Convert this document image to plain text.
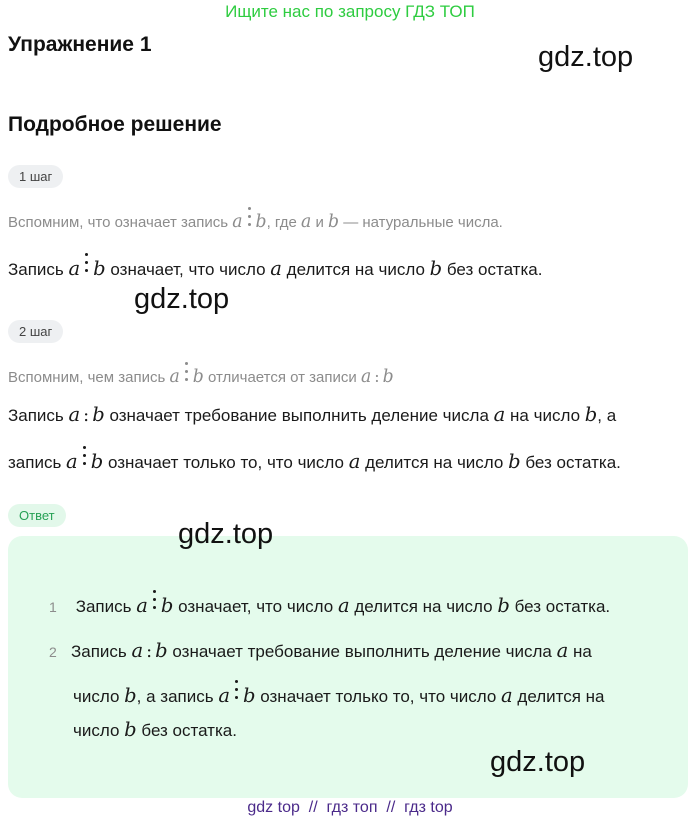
Ищите нас по запросу ГДЗ ТОП
Упражнение 1	gdz.top
Подробное решение
1 шаг
Вспомним, что означает запись a b, где a и b — натуральные числа.
Запись a b означает, что число a делится на число b без остатка.
gdz.top
2 шаг
Вспомним, чем запись a b отличается от записи a : b
Запись a : b означает требование выполнить деление числа a на число b, а
запись a b означает только то, что число a делится на число b без остатка.
Ответ
gdz.top
1 Запись a b означает, что число a делится на число b без остатка.
2 Запись a : b означает требование выполнить деление числа a на
число b, а запись a b означает только то, что число a делится на
число b без остатка.
gdz.top
gdz top  //  гдз топ  //  гдз top
